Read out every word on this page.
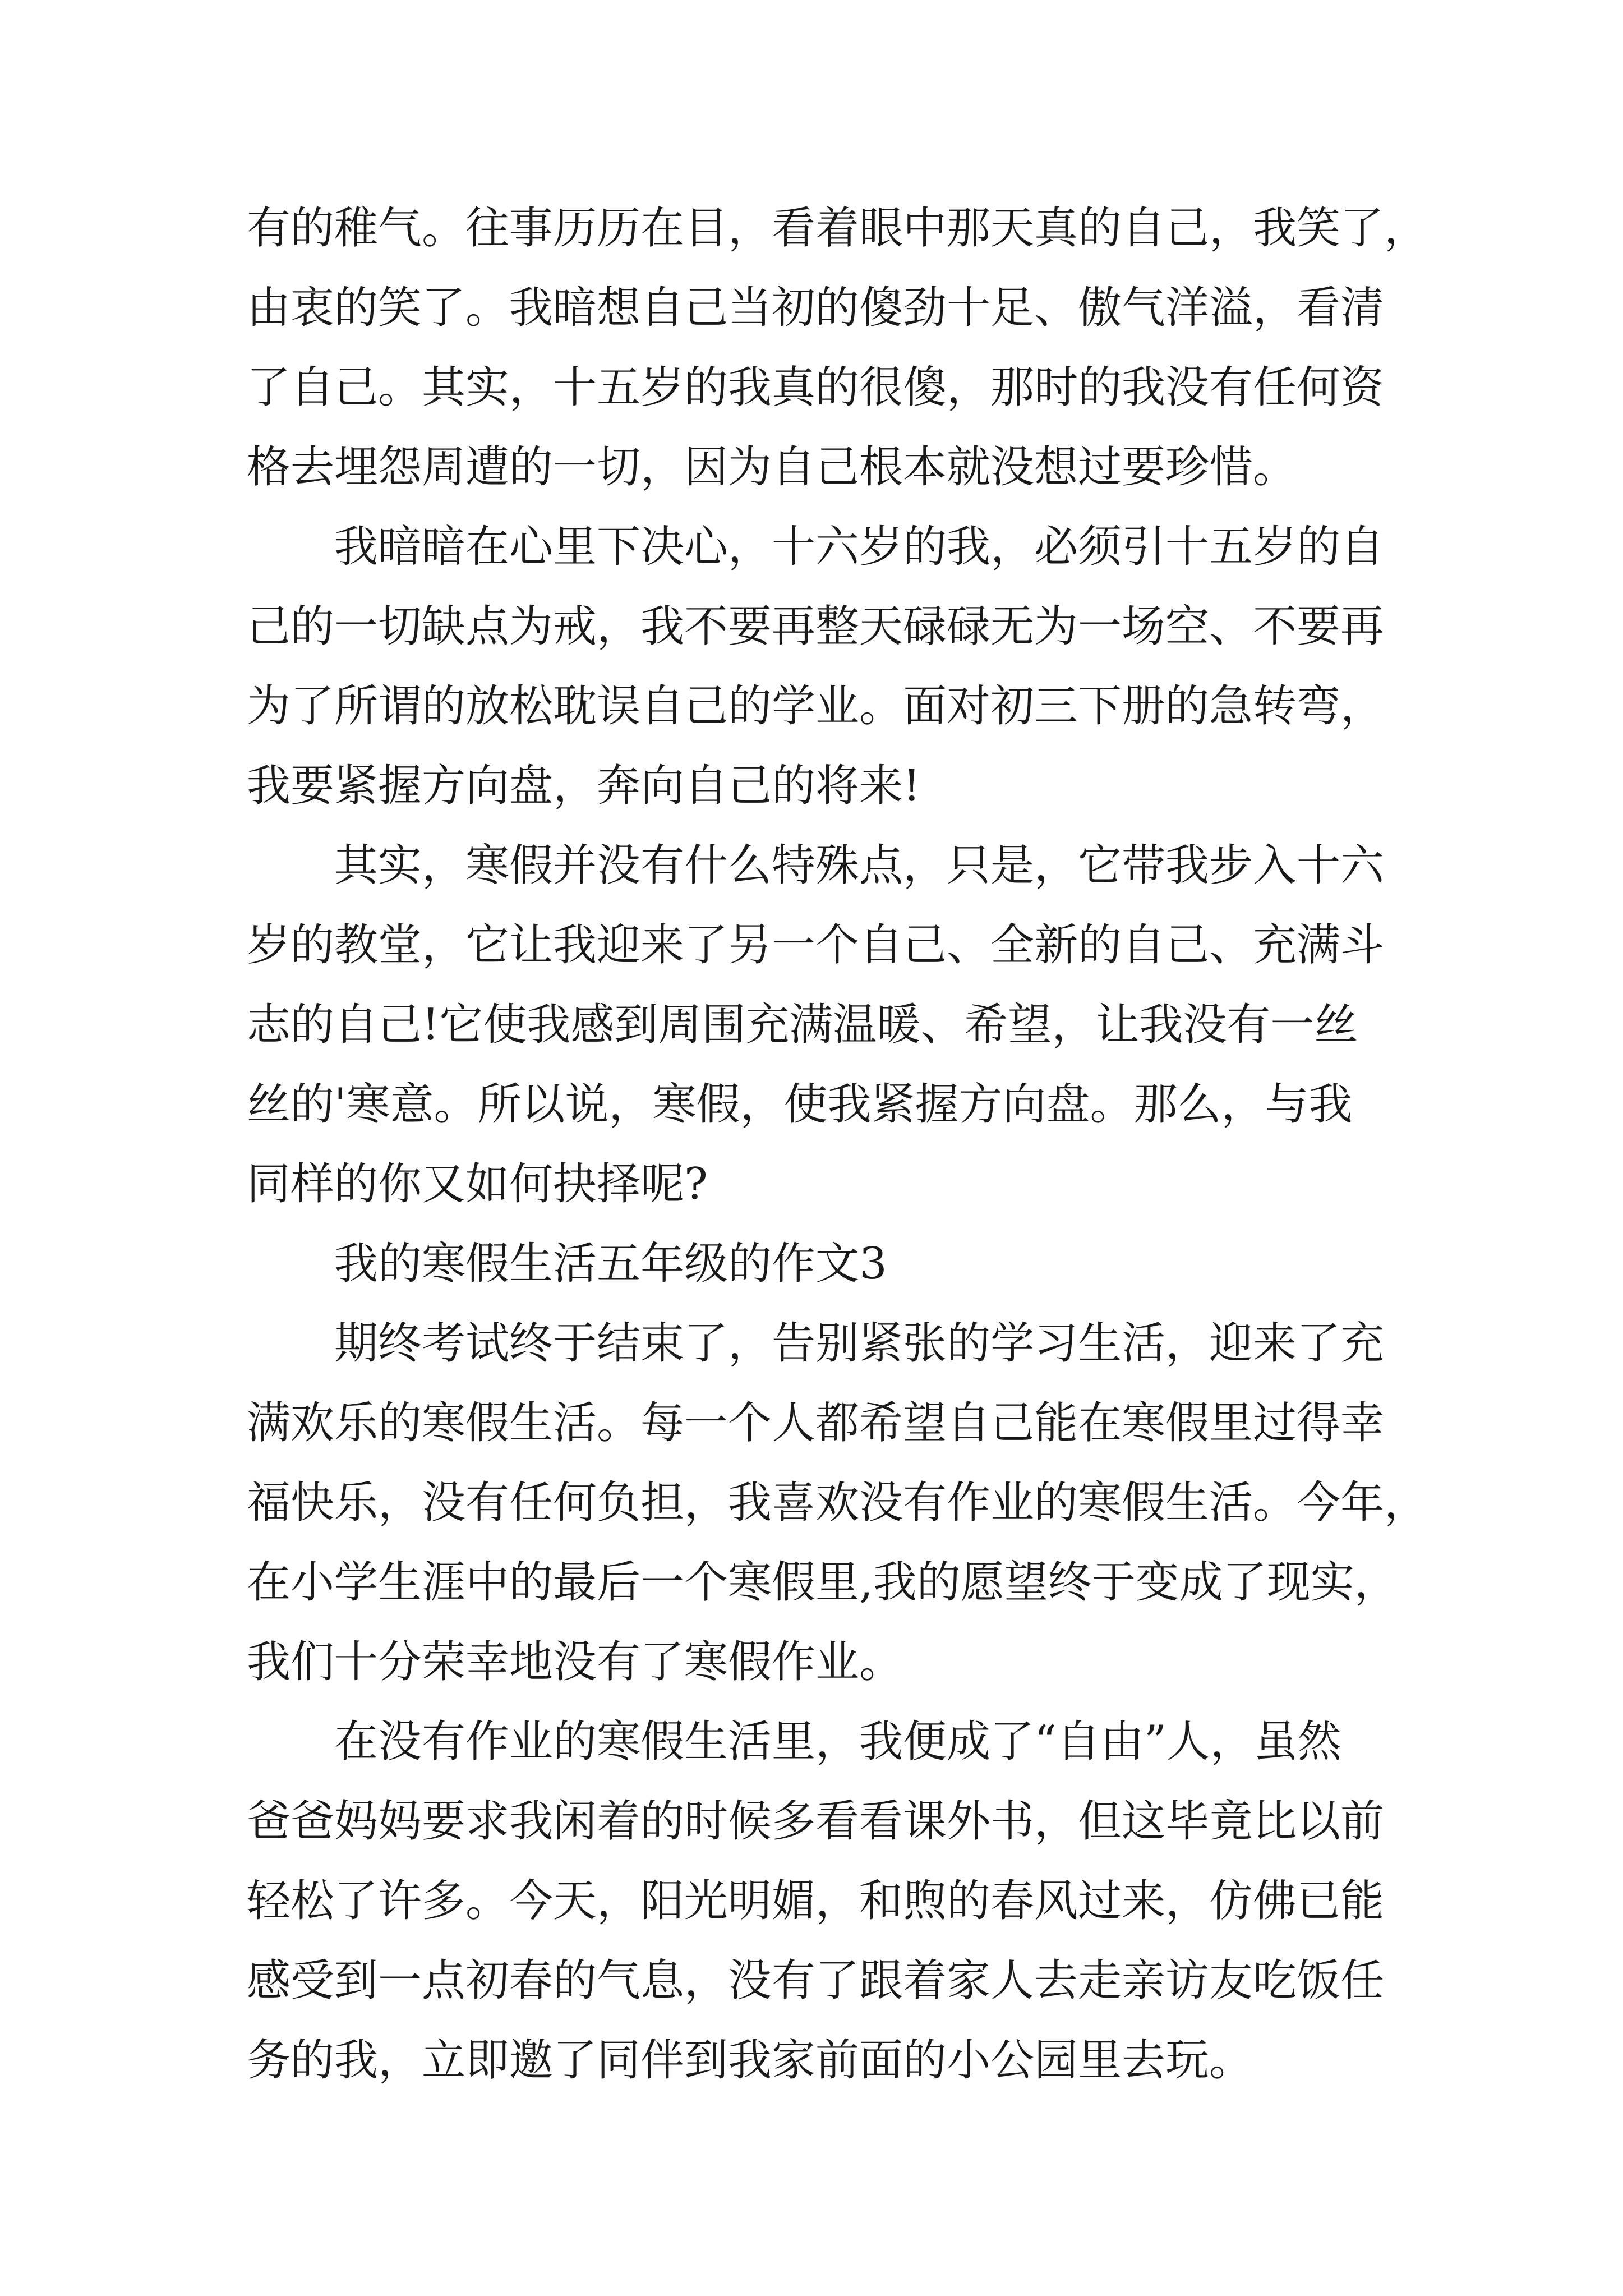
有的稚气。往事历历在目，看着眼中那天真的自己，我笑了，
由衷的笑了。我暗想自己当初的傻劲十足、傲气洋溢，看清
了自己。其实，十五岁的我真的很傻，那时的我没有任何资
格去埋怨周遭的一切，因为自己根本就没想过要珍惜。
我暗暗在心里下决心，十六岁的我，必须引十五岁的自
己的一切缺点为戒，我不要再整天碌碌无为一场空、不要再
为了所谓的放松耽误自己的学业。面对初三下册的急转弯，
我要紧握方向盘，奔向自己的将来!
其实，寒假并没有什么特殊点，只是，它带我步入十六
岁的教堂，它让我迎来了另一个自己、全新的自己、充满斗
志的自己!它使我感到周围充满温暖、希望，让我没有一丝
丝的'寒意。所以说，寒假，使我紧握方向盘。那么，与我
同样的你又如何抉择呢?
我的寒假生活五年级的作文3
期终考试终于结束了，告别紧张的学习生活，迎来了充
满欢乐的寒假生活。每一个人都希望自己能在寒假里过得幸
福快乐，没有任何负担，我喜欢没有作业的寒假生活。今年，
在小学生涯中的最后一个寒假里,我的愿望终于变成了现实，
我们十分荣幸地没有了寒假作业。
在没有作业的寒假生活里，我便成了“自由”人，虽然
爸爸妈妈要求我闲着的时候多看看课外书，但这毕竟比以前
轻松了许多。今天，阳光明媚，和煦的春风过来，仿佛已能
感受到一点初春的气息，没有了跟着家人去走亲访友吃饭任
务的我，立即邀了同伴到我家前面的小公园里去玩。
